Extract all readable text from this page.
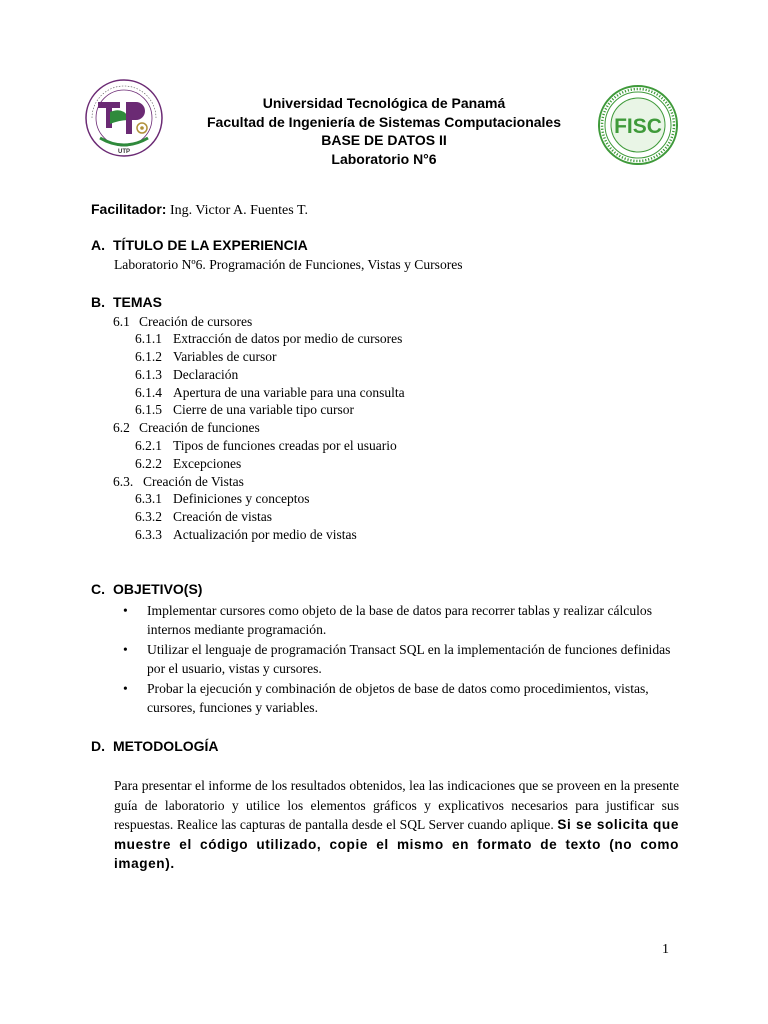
UTP
FISC
Universidad Tecnológica de Panamá
Facultad de Ingeniería de Sistemas Computacionales
BASE DE DATOS II
Laboratorio N°6
Facilitador: Ing. Victor A. Fuentes T.
A. TÍTULO DE LA EXPERIENCIA
Laboratorio Nº6. Programación de Funciones, Vistas y Cursores
B. TEMAS
6.1 Creación de cursores
6.1.1 Extracción de datos por medio de cursores
6.1.2 Variables de cursor
6.1.3 Declaración
6.1.4 Apertura de una variable para una consulta
6.1.5 Cierre de una variable tipo cursor
6.2 Creación de funciones
6.2.1 Tipos de funciones creadas por el usuario
6.2.2 Excepciones
6.3. Creación de Vistas
6.3.1 Definiciones y conceptos
6.3.2 Creación de vistas
6.3.3 Actualización por medio de vistas
C. OBJETIVO(S)
• Implementar cursores como objeto de la base de datos para recorrer tablas y realizar cálculos internos mediante programación.
• Utilizar el lenguaje de programación Transact SQL en la implementación de funciones definidas por el usuario, vistas y cursores.
• Probar la ejecución y combinación de objetos de base de datos como procedimientos, vistas, cursores, funciones y variables.
D. METODOLOGÍA
Para presentar el informe de los resultados obtenidos, lea las indicaciones que se proveen en la presente guía de laboratorio y utilice los elementos gráficos y explicativos necesarios para justificar sus respuestas. Realice las capturas de pantalla desde el SQL Server cuando aplique. Si se solicita que muestre el código utilizado, copie el mismo en formato de texto (no como imagen).
1
